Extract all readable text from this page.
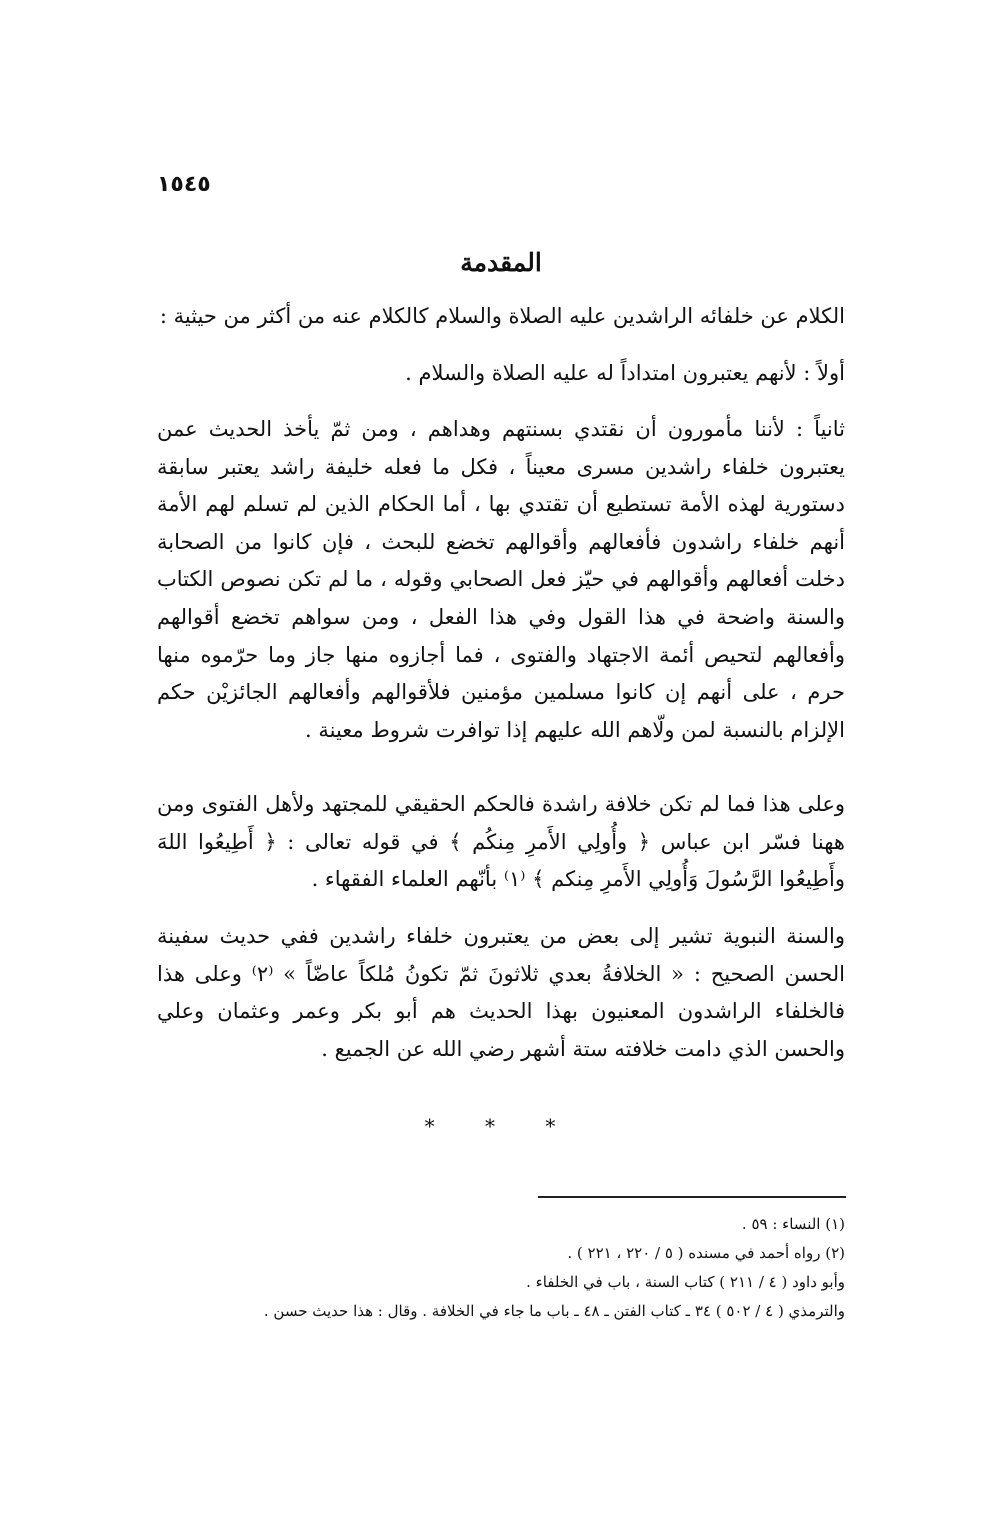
١٥٤٥
المقدمة

الكلام عن خلفائه الراشدين عليه الصلاة والسلام كالكلام عنه من أكثر من حيثية :

أولاً : لأنهم يعتبرون امتداداً له عليه الصلاة والسلام .

ثانياً : لأننا مأمورون أن نقتدي بسنتهم وهداهم ، ومن ثمّ يأخذ الحديث عمن يعتبرون خلفاء راشدين مسرى معيناً ، فكل ما فعله خليفة راشد يعتبر سابقة دستورية لهذه الأمة تستطيع أن تقتدي بها ، أما الحكام الذين لم تسلم لهم الأمة أنهم خلفاء راشدون فأفعالهم وأقوالهم تخضع للبحث ، فإن كانوا من الصحابة دخلت أفعالهم وأقوالهم في حيّز فعل الصحابي وقوله ، ما لم تكن نصوص الكتاب والسنة واضحة في هذا القول وفي هذا الفعل ، ومن سواهم تخضع أقوالهم وأفعالهم لتحيص أئمة الاجتهاد والفتوى ، فما أجازوه منها جاز وما حرّموه منها حرم ، على أنهم إن كانوا مسلمين مؤمنين فلأقوالهم وأفعالهم الجائزيْن حكم الإلزام بالنسبة لمن ولّاهم الله عليهم إذا توافرت شروط معينة .

وعلى هذا فما لم تكن خلافة راشدة فالحكم الحقيقي للمجتهد ولأهل الفتوى ومن ههنا فسّر ابن عباس ﴿ وأُولِي الأَمرِ مِنكُم ﴾ في قوله تعالى : ﴿ أَطِيعُوا اللهَ وأَطِيعُوا الرَّسُولَ وَأُولِي الأَمرِ مِنكم ﴾ ⁽١⁾ بأنّهم العلماء الفقهاء .

والسنة النبوية تشير إلى بعض من يعتبرون خلفاء راشدين ففي حديث سفينة الحسن الصحيح : « الخلافةُ بعدي ثلاثونَ ثمّ تكونُ مُلكاً عاضّاً » ⁽٢⁾ وعلى هذا فالخلفاء الراشدون المعنيون بهذا الحديث هم أبو بكر وعمر وعثمان وعلي والحسن الذي دامت خلافته ستة أشهر رضي الله عن الجميع .

* * *
(١) النساء : ٥٩ .
(٢) رواه أحمد في مسنده ( ٥ / ٢٢٠ ، ٢٢١ ) .
وأبو داود ( ٤ / ٢١١ ) كتاب السنة ، باب في الخلفاء .
والترمذي ( ٤ / ٥٠٢ ) ٣٤ ـ كتاب الفتن ـ ٤٨ ـ باب ما جاء في الخلافة . وقال : هذا حديث حسن .
